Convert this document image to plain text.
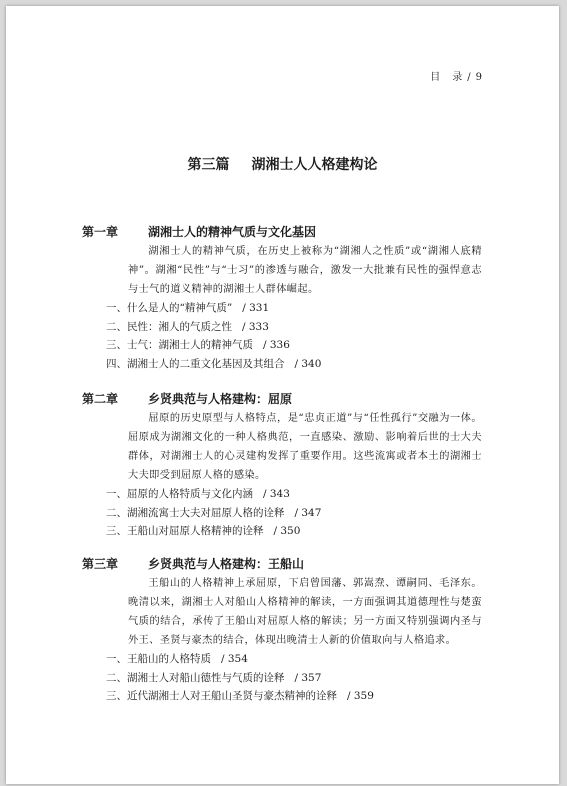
目　录 / 9
第三篇 湖湘士人人格建构论
第一章 湖湘士人的精神气质与文化基因
湖湘士人的精神气质，在历史上被称为“湖湘人之性质”或“湖湘人底精神”。湖湘“民性”与“士习”的渗透与融合，激发一大批兼有民性的强悍意志与士气的道义精神的湖湘士人群体崛起。
一、什么是人的“精神气质” / 331
二、民性：湘人的气质之性 / 333
三、士气：湖湘士人的精神气质 / 336
四、湖湘士人的二重文化基因及其组合 / 340
第二章 乡贤典范与人格建构：屈原
屈原的历史原型与人格特点，是“忠贞正道”与“任性孤行”交融为一体。屈原成为湖湘文化的一种人格典范，一直感染、激励、影响着后世的士大夫群体，对湖湘士人的心灵建构发挥了重要作用。这些流寓或者本土的湖湘士大夫即受到屈原人格的感染。
一、屈原的人格特质与文化内涵 / 343
二、湖湘流寓士大夫对屈原人格的诠释 / 347
三、王船山对屈原人格精神的诠释 / 350
第三章 乡贤典范与人格建构：王船山
王船山的人格精神上承屈原，下启曾国藩、郭嵩焘、谭嗣同、毛泽东。晚清以来，湖湘士人对船山人格精神的解读，一方面强调其道德理性与楚蛮气质的结合，承传了王船山对屈原人格的解读；另一方面又特别强调内圣与外王、圣贤与豪杰的结合，体现出晚清士人新的价值取向与人格追求。
一、王船山的人格特质 / 354
二、湖湘士人对船山德性与气质的诠释 / 357
三、近代湖湘士人对王船山圣贤与豪杰精神的诠释 / 359
